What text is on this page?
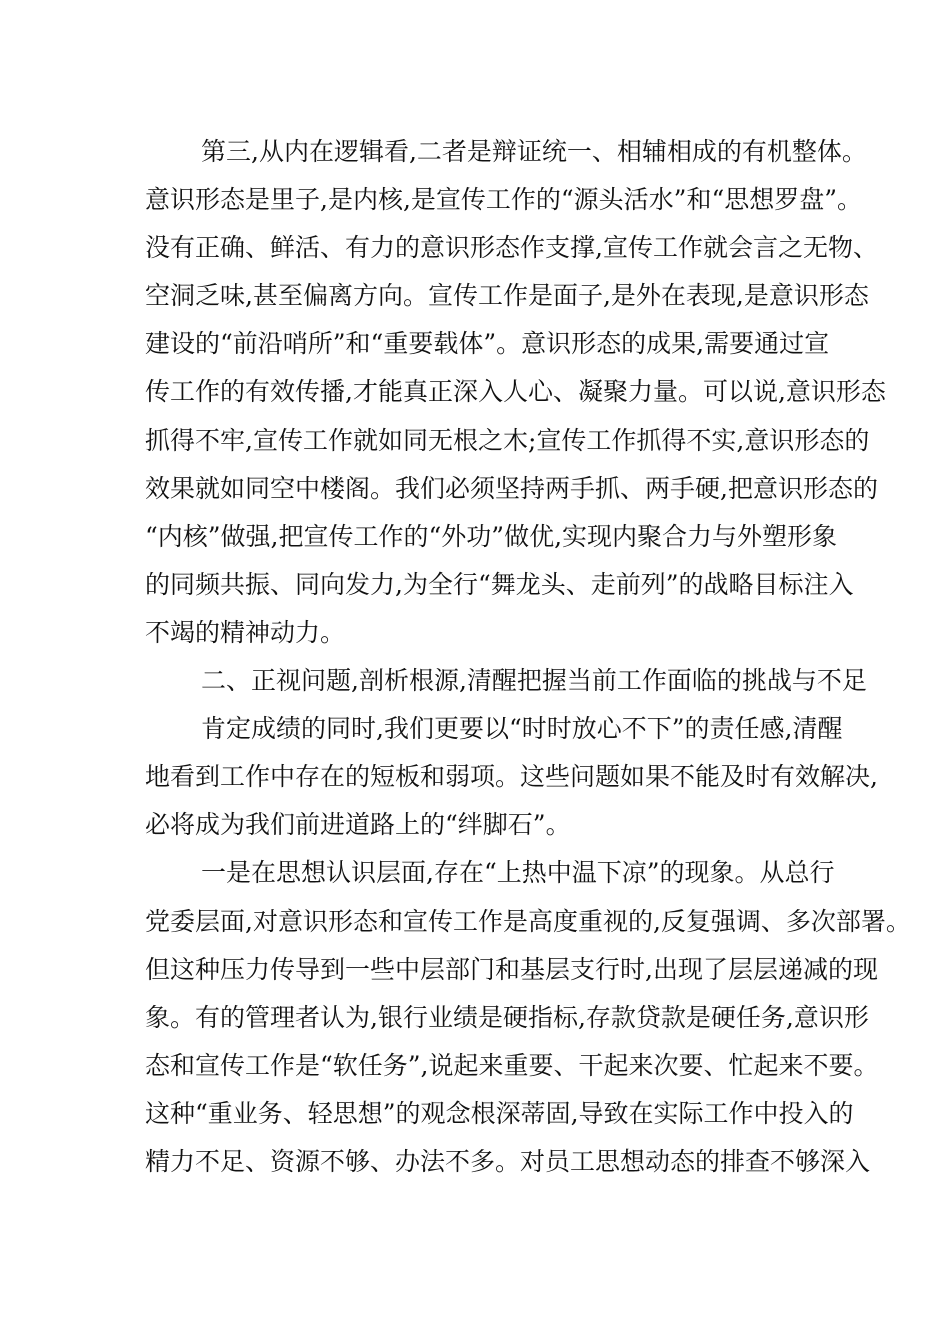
第三,从内在逻辑看,二者是辩证统一、相辅相成的有机整体。
意识形态是里子,是内核,是宣传工作的“源头活水”和“思想罗盘”。
没有正确、鲜活、有力的意识形态作支撑,宣传工作就会言之无物、
空洞乏味,甚至偏离方向。宣传工作是面子,是外在表现,是意识形态
建设的“前沿哨所”和“重要载体”。意识形态的成果,需要通过宣
传工作的有效传播,才能真正深入人心、凝聚力量。可以说,意识形态
抓得不牢,宣传工作就如同无根之木;宣传工作抓得不实,意识形态的
效果就如同空中楼阁。我们必须坚持两手抓、两手硬,把意识形态的
“内核”做强,把宣传工作的“外功”做优,实现内聚合力与外塑形象
的同频共振、同向发力,为全行“舞龙头、走前列”的战略目标注入
不竭的精神动力。
二、正视问题,剖析根源,清醒把握当前工作面临的挑战与不足
肯定成绩的同时,我们更要以“时时放心不下”的责任感,清醒
地看到工作中存在的短板和弱项。这些问题如果不能及时有效解决,
必将成为我们前进道路上的“绊脚石”。
一是在思想认识层面,存在“上热中温下凉”的现象。从总行
党委层面,对意识形态和宣传工作是高度重视的,反复强调、多次部署。
但这种压力传导到一些中层部门和基层支行时,出现了层层递减的现
象。有的管理者认为,银行业绩是硬指标,存款贷款是硬任务,意识形
态和宣传工作是“软任务”,说起来重要、干起来次要、忙起来不要。
这种“重业务、轻思想”的观念根深蒂固,导致在实际工作中投入的
精力不足、资源不够、办法不多。对员工思想动态的排查不够深入
